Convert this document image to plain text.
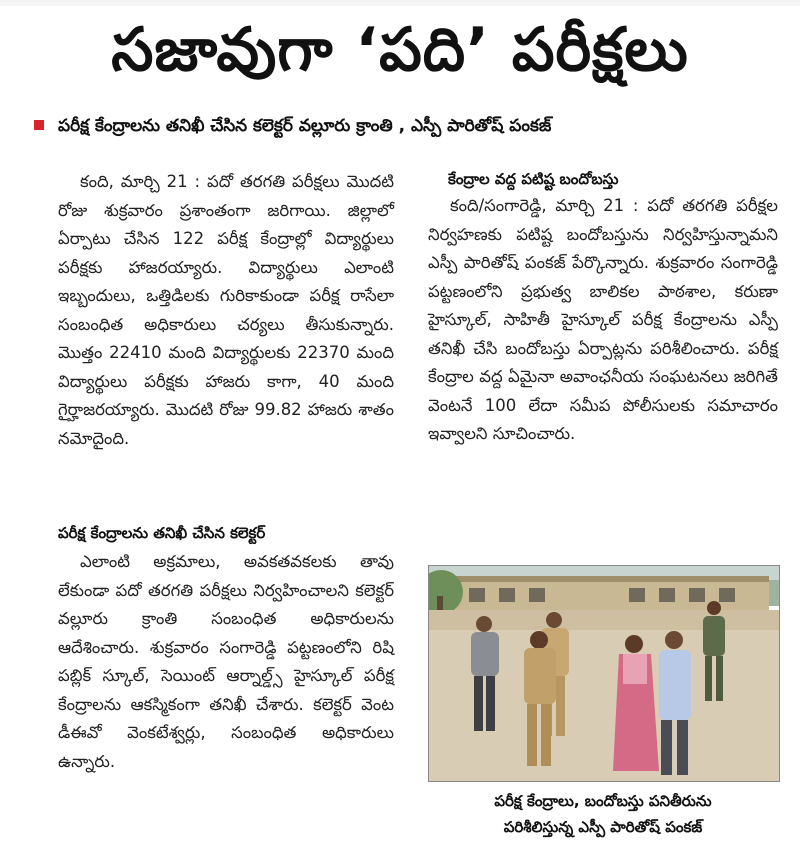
సజావుగా ‘పది’ పరీక్షలు
పరీక్ష కేంద్రాలను తనిఖీ చేసిన కలెక్టర్ వల్లూరు క్రాంతి , ఎస్పీ పారితోష్ పంకజ్

కంది, మార్చి 21 : పదో తరగతి పరీక్షలు మొదటి రోజు శుక్రవారం ప్రశాంతంగా జరిగాయి. జిల్లాలో ఏర్పాటు చేసిన 122 పరీక్ష కేంద్రాల్లో విద్యార్థులు పరీక్షకు హాజరయ్యారు. విద్యార్థులు ఎలాంటి ఇబ్బందులు, ఒత్తిడిలకు గురికాకుండా పరీక్ష రాసేలా సంబంధిత అధికారులు చర్యలు తీసుకున్నారు. మొత్తం 22410 మంది విద్యార్థులకు 22370 మంది విద్యార్థులు పరీక్షకు హాజరు కాగా, 40 మంది గైర్హాజరయ్యారు. మొదటి రోజు 99.82 హాజరు శాతం నమోదైంది.

పరీక్ష కేంద్రాలను తనిఖీ చేసిన కలెక్టర్

ఎలాంటి అక్రమాలు, అవకతవకలకు తావు లేకుండా పదో తరగతి పరీక్షలు నిర్వహించాలని కలెక్టర్ వల్లూరు క్రాంతి సంబంధిత అధికారులను ఆదేశించారు. శుక్రవారం సంగారెడ్డి పట్టణంలోని రిషి పబ్లిక్ స్కూల్, సెయింట్ ఆర్నాల్డ్స్ హైస్కూల్ పరీక్ష కేంద్రాలను ఆకస్మికంగా తనిఖీ చేశారు. కలెక్టర్ వెంట డీఈవో వెంకటేశ్వర్లు, సంబంధిత అధికారులు ఉన్నారు.

కేంద్రాల వద్ద పటిష్ట బందోబస్తు

కంది/సంగారెడ్డి, మార్చి 21 : పదో తరగతి పరీక్షల నిర్వహణకు పటిష్ట బందోబస్తును నిర్వహిస్తున్నామని ఎస్పీ పారితోష్ పంకజ్ పేర్కొన్నారు. శుక్రవారం సంగారెడ్డి పట్టణంలోని ప్రభుత్వ బాలికల పాఠశాల, కరుణా హైస్కూల్, సాహితీ హైస్కూల్ పరీక్ష కేంద్రాలను ఎస్పీ తనిఖీ చేసి బందోబస్తు ఏర్పాట్లను పరిశీలించారు. పరీక్ష కేంద్రాల వద్ద ఏమైనా అవాంఛనీయ సంఘటనలు జరిగితే వెంటనే 100 లేదా సమీప పోలీసులకు సమాచారం ఇవ్వాలని సూచించారు.

పరీక్ష కేంద్రాలు, బందోబస్తు పనితీరును
పరిశీలిస్తున్న ఎస్పీ పారితోష్ పంకజ్
